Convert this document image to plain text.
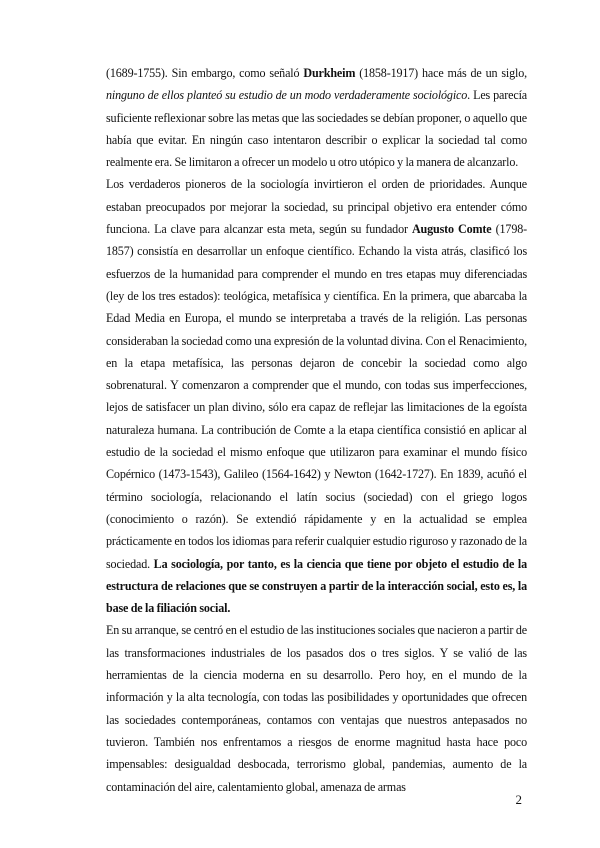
(1689-1755). Sin embargo, como señaló Durkheim (1858-1917) hace más de un siglo, ninguno de ellos planteó su estudio de un modo verdaderamente sociológico. Les parecía suficiente reflexionar sobre las metas que las sociedades se debían proponer, o aquello que había que evitar. En ningún caso intentaron describir o explicar la sociedad tal como realmente era. Se limitaron a ofrecer un modelo u otro utópico y la manera de alcanzarlo.

Los verdaderos pioneros de la sociología invirtieron el orden de prioridades. Aunque estaban preocupados por mejorar la sociedad, su principal objetivo era entender cómo funciona. La clave para alcanzar esta meta, según su fundador Augusto Comte (1798-1857) consistía en desarrollar un enfoque científico. Echando la vista atrás, clasificó los esfuerzos de la humanidad para comprender el mundo en tres etapas muy diferenciadas (ley de los tres estados): teológica, metafísica y científica. En la primera, que abarcaba la Edad Media en Europa, el mundo se interpretaba a través de la religión. Las personas consideraban la sociedad como una expresión de la voluntad divina. Con el Renacimiento, en la etapa metafísica, las personas dejaron de concebir la sociedad como algo sobrenatural. Y comenzaron a comprender que el mundo, con todas sus imperfecciones, lejos de satisfacer un plan divino, sólo era capaz de reflejar las limitaciones de la egoísta naturaleza humana. La contribución de Comte a la etapa científica consistió en aplicar al estudio de la sociedad el mismo enfoque que utilizaron para examinar el mundo físico Copérnico (1473-1543), Galileo (1564-1642) y Newton (1642-1727). En 1839, acuñó el término sociología, relacionando el latín socius (sociedad) con el griego logos (conocimiento o razón). Se extendió rápidamente y en la actualidad se emplea prácticamente en todos los idiomas para referir cualquier estudio riguroso y razonado de la sociedad. La sociología, por tanto, es la ciencia que tiene por objeto el estudio de la estructura de relaciones que se construyen a partir de la interacción social, esto es, la base de la filiación social.

En su arranque, se centró en el estudio de las instituciones sociales que nacieron a partir de las transformaciones industriales de los pasados dos o tres siglos. Y se valió de las herramientas de la ciencia moderna en su desarrollo. Pero hoy, en el mundo de la información y la alta tecnología, con todas las posibilidades y oportunidades que ofrecen las sociedades contemporáneas, contamos con ventajas que nuestros antepasados no tuvieron. También nos enfrentamos a riesgos de enorme magnitud hasta hace poco impensables: desigualdad desbocada, terrorismo global, pandemias, aumento de la contaminación del aire, calentamiento global, amenaza de armas

2
